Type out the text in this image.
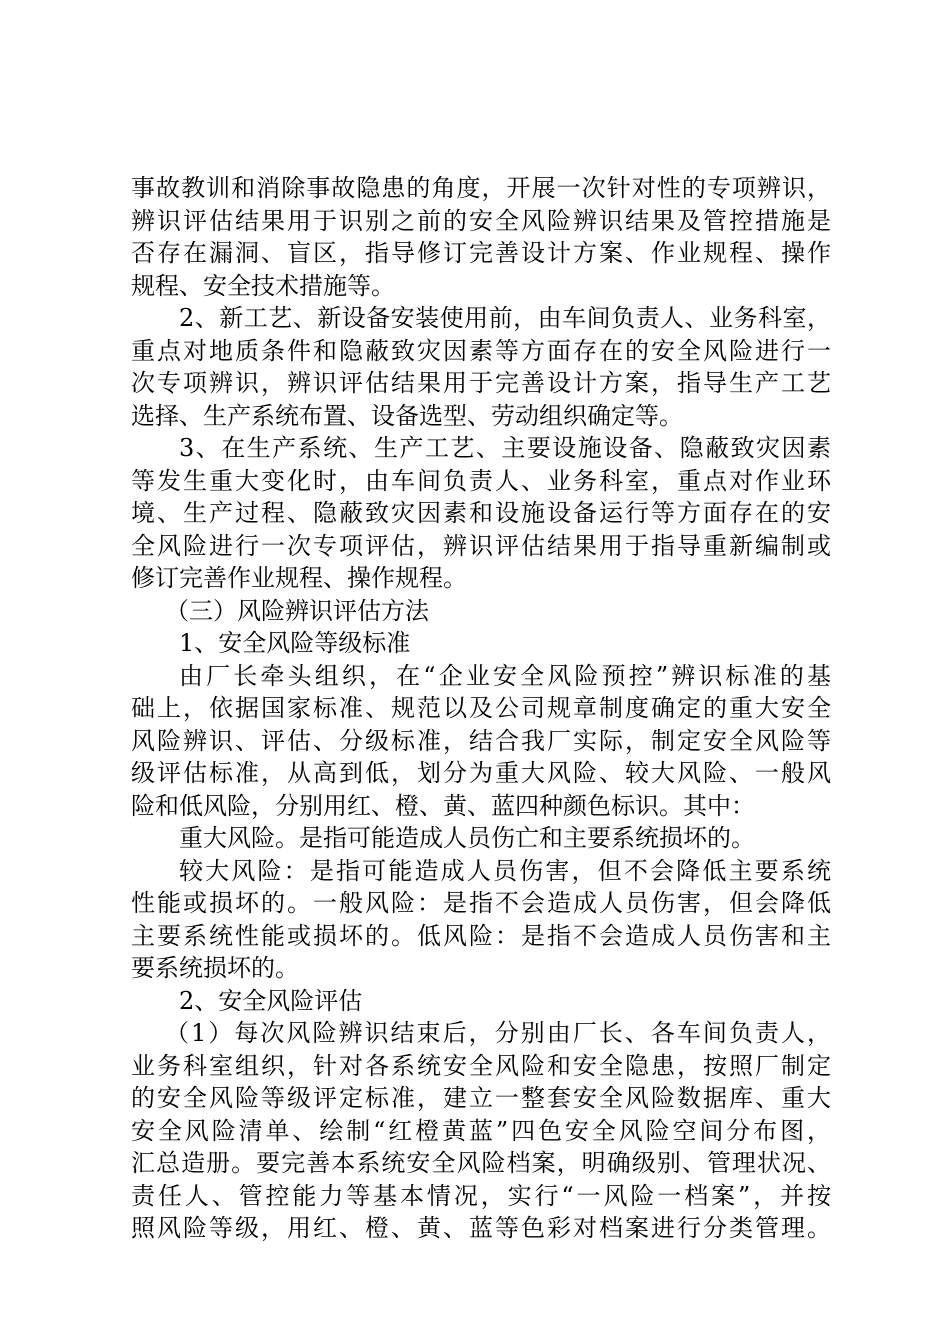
事故教训和消除事故隐患的角度，开展一次针对性的专项辨识，
辨识评估结果用于识别之前的安全风险辨识结果及管控措施是
否存在漏洞、盲区，指导修订完善设计方案、作业规程、操作
规程、安全技术措施等。
2、新工艺、新设备安装使用前，由车间负责人、业务科室，
重点对地质条件和隐蔽致灾因素等方面存在的安全风险进行一
次专项辨识，辨识评估结果用于完善设计方案，指导生产工艺
选择、生产系统布置、设备选型、劳动组织确定等。
3、在生产系统、生产工艺、主要设施设备、隐蔽致灾因素
等发生重大变化时，由车间负责人、业务科室，重点对作业环
境、生产过程、隐蔽致灾因素和设施设备运行等方面存在的安
全风险进行一次专项评估，辨识评估结果用于指导重新编制或
修订完善作业规程、操作规程。
（三）风险辨识评估方法
1、安全风险等级标准
由厂长牵头组织，在“企业安全风险预控”辨识标准的基
础上，依据国家标准、规范以及公司规章制度确定的重大安全
风险辨识、评估、分级标准，结合我厂实际，制定安全风险等
级评估标准，从高到低，划分为重大风险、较大风险、一般风
险和低风险，分别用红、橙、黄、蓝四种颜色标识。其中：
重大风险。是指可能造成人员伤亡和主要系统损坏的。
较大风险：是指可能造成人员伤害，但不会降低主要系统
性能或损坏的。一般风险：是指不会造成人员伤害，但会降低
主要系统性能或损坏的。低风险：是指不会造成人员伤害和主
要系统损坏的。
2、安全风险评估
（1）每次风险辨识结束后，分别由厂长、各车间负责人，
业务科室组织，针对各系统安全风险和安全隐患，按照厂制定
的安全风险等级评定标准，建立一整套安全风险数据库、重大
安全风险清单、绘制“红橙黄蓝”四色安全风险空间分布图，
汇总造册。要完善本系统安全风险档案，明确级别、管理状况、
责任人、管控能力等基本情况，实行“一风险一档案”，并按
照风险等级，用红、橙、黄、蓝等色彩对档案进行分类管理。
